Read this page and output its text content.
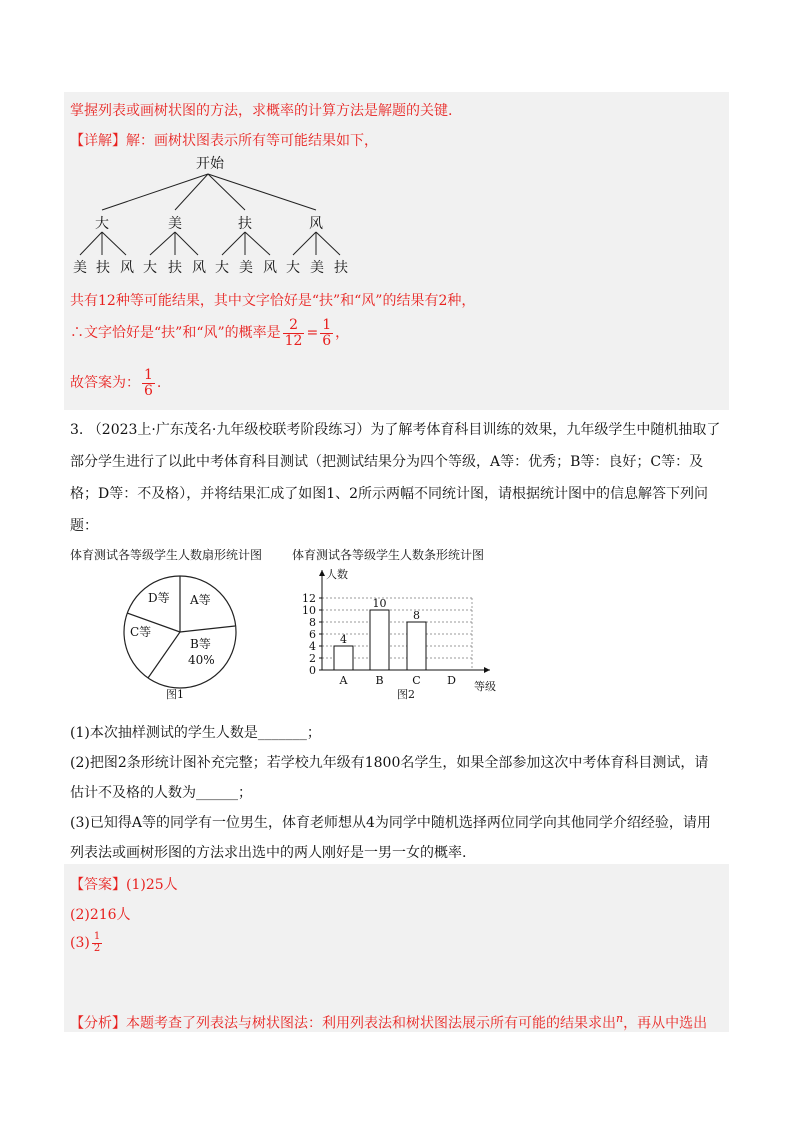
掌握列表或画树状图的方法，求概率的计算方法是解题的关键.
【详解】解：画树状图表示所有等可能结果如下，
开始
大	美	扶	风
美 扶 风 大 扶 风 大 美 风 大 美 扶
共有12种等可能结果，其中文字恰好是“扶”和“风”的结果有2种，
∴文字恰好是“扶”和“风”的概率是 $\frac{2}{12} = \frac{1}{6}$ ，
故答案为： $\frac{1}{6}$ .
3. （2023上·广东茂名·九年级校联考阶段练习）为了解考体育科目训练的效果，九年级学生中随机抽取了
部分学生进行了以此中考体育科目测试（把测试结果分为四个等级，A等：优秀；B等：良好；C等：及
格；D等：不及格），并将结果汇成了如图1、2所示两幅不同统计图，请根据统计图中的信息解答下列问
题：
体育测试各等级学生人数扇形统计图
A等
B等
40%
C等
D等
图1
体育测试各等级学生人数条形统计图
0
2
4
6
8
10
12
人数
等级
4
A
10
B
8
C D
图2
(1)本次抽样测试的学生人数是_______；
(2)把图2条形统计图补充完整；若学校九年级有1800名学生，如果全部参加这次中考体育科目测试，请
估计不及格的人数为______；
(3)已知得A等的同学有一位男生，体育老师想从4为同学中随机选择两位同学向其他同学介绍经验，请用
列表法或画树形图的方法求出选中的两人刚好是一男一女的概率.
【答案】(1)25人
(2)216人
$(3) \frac{1}{2}$
【分析】本题考查了列表法与树状图法：利用列表法和树状图法展示所有可能的结果求出$^n$，再从中选出
